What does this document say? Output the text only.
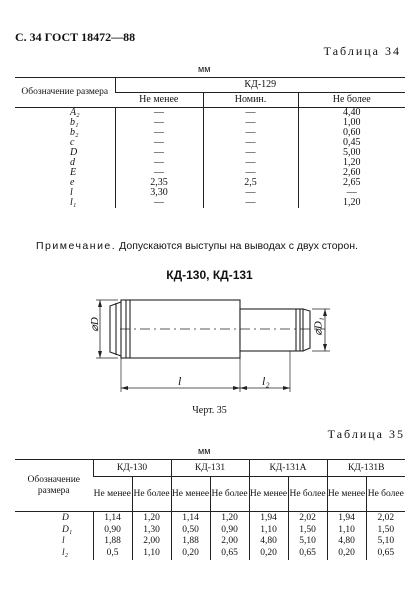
С. 34 ГОСТ 18472—88
Таблица 34
мм
Обозначение размера	КД-129		
	Не менее	Номин.	Не более
A₂	—	—	4,40
b₁	—	—	1,00
b₂	—	—	0,60
c	—	—	0,45
D	—	—	5,00
d	—	—	1,20
E	—	—	2,60
e	2,35	2,5	2,65
l	3,30	—	—
l₁	—	—	1,20
Примечание. Допускаются выступы на выводах с двух сторон.
КД-130, КД-131
⌀D	⌀D₁
l	l₂
Черт. 35
Таблица 35
мм
Обозначение размера	КД-130		КД-131		КД-131А		КД-131В	
	Не менее	Не более	Не менее	Не более	Не менее	Не более	Не менее	Не более
D	1,14	1,20	1,14	1,20	1,94	2,02	1,94	2,02
D₁	0,90	1,30	0,50	0,90	1,10	1,50	1,10	1,50
l	1,88	2,00	1,88	2,00	4,80	5,10	4,80	5,10
l₂	0,5	1,10	0,20	0,65	0,20	0,65	0,20	0,65
